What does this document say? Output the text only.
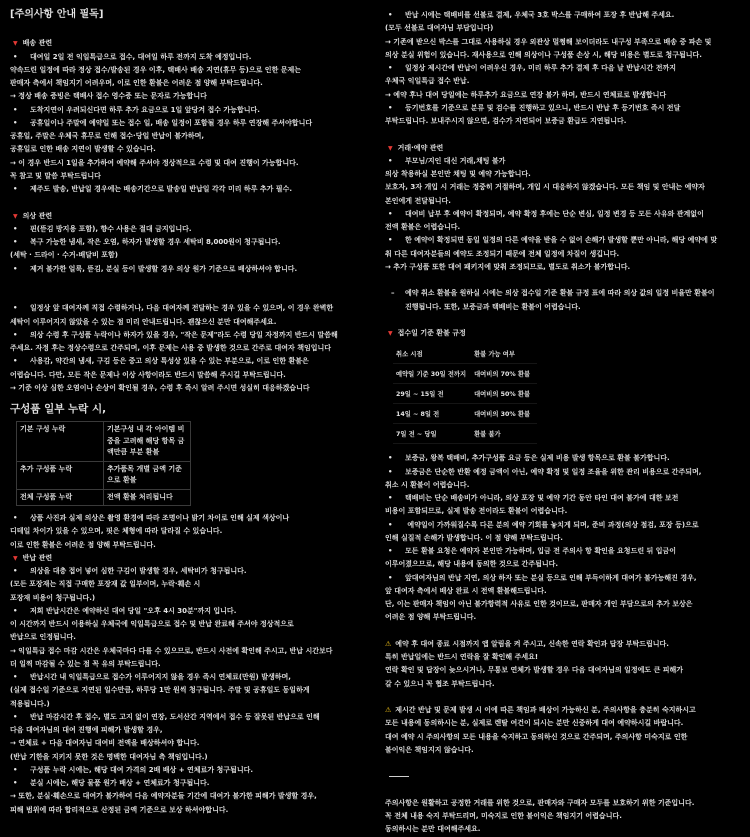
[주의사항 안내 필독]
▼ 배송 관련
• 대여일 2일 전 익일특급으로 접수, 대여일 하루 전까지 도착 예정입니다.
약속드린 일정에 따라 정상 접수/발송된 경우 이후, 택배사 배송 지연(휴무 등)으로 인한 문제는
판매자 측에서 책임지기 어려우며, 이로 인한 환불은 어려운 점 양해 부탁드립니다.
→ 정상 배송 증빙은 택배사 접수 영수증 또는 문자로 가능합니다
• 도착지연이 우려되신다면 하루 추가 요금으로 1일 앞당겨 접수 가능합니다.
• 공휴일이나 주말에 예약일 또는 접수 일, 배송 일정이 포함될 경우 하루 연장해 주셔야합니다
공휴일, 주말은 우체국 휴무로 인해 접수·당일 반납이 불가하며,
공휴일로 인한 배송 지연이 발생할 수 있습니다.
→ 이 경우 반드시 1일을 추가하여 예약해 주셔야 정상적으로 수령 및 대여 진행이 가능합니다.
꼭 참고 및 말씀 부탁드립니다
• 제주도 발송, 반납일 경우에는 배송기간으로 발송일 반납일 각각 미리 하루 추가 필수.
▼ 의상 관련
• 핀(뜯김 방지용 포함), 향수 사용은 절대 금지입니다.
• 복구 가능한 냄새, 작은 오염, 하자가 발생할 경우 세탁비 8,000원이 청구됩니다.
(세탁 · 드라이 · 수거-배달비 포함)
• 제거 불가한 얼룩, 뜯김, 분실 등이 발생할 경우 의상 원가 기준으로 배상하셔야 합니다.
• 일정상 앞 대여자께 직접 수령하거나, 다음 대여자께 전달하는 경우 있을 수 있으며, 이 경우 완벽한
세탁이 이루어지지 않았을 수 있는 점 미리 안내드립니다. 괜찮으신 분만 대여해주세요.
• 의상 수령 후 구성품 누락이나 하자가 있을 경우, "작은 문제"라도 수령 당일 자정까지 반드시 말씀해
주세요. 자정 후는 정상수령으로 간주되며, 이후 문제는 사용 중 발생한 것으로 간주로 대여자 책임입니다
• 사용감, 약간의 냄새, 구김 등은 중고 의상 특성상 있을 수 있는 부분으로, 이로 인한 환불은
어렵습니다. 다만, 모든 작은 문제나 이상 사항이라도 반드시 말씀해 주시길 부탁드립니다.
→ 기준 이상 심한 오염이나 손상이 확인될 경우, 수령 후 즉시 알려 주시면 성실히 대응하겠습니다
구성품 일부 누락 시,
기본 구성 누락	기본구성 내 각 아이템 비중을 고려해 해당 항목 금액만큼 부분 환불
추가 구성품 누락	추가품목 개별 금액 기준으로 환불
전체 구성품 누락	전액 환불 처리됩니다
• 상품 사진과 실제 의상은 촬영 환경에 따라 조명이나 밝기 차이로 인해 실제 색상이나
디테일 차이가 있을 수 있으며, 핏은 체형에 따라 달라질 수 있습니다.
이로 인한 환불은 어려운 점 양해 부탁드립니다.
▼ 반납 관련
• 의상을 대충 접어 넣어 심한 구김이 발생할 경우, 세탁비가 청구됩니다.
(모든 포장재는 직접 구매한 포장재 값 일부이며, 누락·훼손 시
포장재 비용이 청구됩니다.)
• 저희 반납시간은 예약하신 대여 당일 "오후 4시 30분"까지 입니다.
이 시간까지 반드시 이용하실 우체국에 익일특급으로 접수 및 반납 완료해 주셔야 정상적으로
반납으로 인정됩니다.
→ 익일특급 접수 마감 시간은 우체국마다 다를 수 있으므로, 반드시 사전에 확인해 주시고, 반납 시간보다
더 일찍 마감될 수 있는 점 꼭 유의 부탁드립니다.
• 반납시간 내 익일특급으로 접수가 이루어지지 않을 경우 즉시 연체료(만원) 발생하며,
(실제 접수일 기준으로 지연된 일수만큼, 하루당 1만 원씩 청구됩니다. 주말 및 공휴일도 동일하게
적용됩니다.)
• 반납 마감시간 후 접수, 별도 고지 없이 연장, 도서산간 지역에서 접수 등 잘못된 반납으로 인해
다음 대여자님의 대여 진행에 피해가 발생할 경우,
→ 연체료 + 다음 대여자님 대여비 전액을 배상하셔야 합니다.
(반납 기한을 지키지 못한 것은 명백한 대여자님 측 책임입니다.)
• 구성품 누락 시에는, 해당 대여 가격의 2배 배상 + 연체료가 청구됩니다.
• 분실 시에는, 해당 물품 원가 배상 + 연체료가 청구됩니다.
→ 또한, 분실·훼손으로 대여가 불가하여 다음 예약자분들 기간에 대여가 불가한 피해가 발생할 경우,
피해 범위에 따라 합리적으로 산정된 금액 기준으로 보상 하셔야합니다.
• 반납 시에는 택배비를 선불로 결제, 우체국 3호 박스를 구매하여 포장 후 반납해 주세요.
(모두 선불로 대여자님 부담입니다)
→ 기존에 받으신 박스를 그대로 사용하실 경우 외관상 멀쩡해 보이더라도 내구성 부족으로 배송 중 파손 및
의상 분실 위험이 있습니다. 재사용으로 인해 의상이나 구성품 손상 시, 해당 비용은 별도로 청구됩니다.
• 일정상 제시간에 반납이 어려우신 경우, 미리 하루 추가 결제 후 다음 날 반납시간 전까지
우체국 익일특급 접수 반납.
→ 예약 후나 대여 당일에는 하루추가 요금으로 연장 불가 하며, 반드시 연체료로 발생합니다
• 등기번호를 기준으로 분류 및 검수를 진행하고 있으니, 반드시 반납 후 등기번호 즉시 전달
부탁드립니다. 보내주시지 않으면, 검수가 지연되어 보증금 환급도 지연됩니다.
▼ 거래·예약 관련
• 부모님/지인 대신 거래,채팅 불가
의상 착용하실 본인만 채팅 및 예약 가능합니다.
보호자, 3자 개입 시 거래는 정중히 거절하며, 개입 시 대응하지 않겠습니다. 모든 책임 및 안내는 예약자
본인에게 전달됩니다.
• 대여비 납부 후 예약이 확정되며, 예약 확정 후에는 단순 변심, 일정 변경 등 모든 사유와 관계없이
전액 환불은 어렵습니다.
• 한 예약이 확정되면 동일 일정의 다른 예약을 받을 수 없어 손해가 발생할 뿐만 아니라, 해당 예약에 맞
춰 다른 대여자분들의 예약도 조정되기 때문에 전체 일정에 차질이 생깁니다.
→ 추가 구성품 또한 대여 패키지에 맞춰 조정되므로, 별도로 취소가 불가합니다.
– 예약 취소 환불을 원하실 시에는 의상 접수일 기준 환불 규정 표에 따라 의상 값의 일정 비율만 환불이
진행됩니다. 또한, 보증금과 택배비는 환불이 어렵습니다.
▼ 접수일 기준 환불 규정
취소 시점	환불 가능 여부
예약일 기준 30일 전까지	대여비의 70% 환불
29일 ~ 15일 전	대여비의 50% 환불
14일 ~ 8일 전	대여비의 30% 환불
7일 전 ~ 당일	환불 불가
• 보증금, 왕복 택배비, 추가구성품 요금 등은 실제 비용 발생 항목으로 환불 불가합니다.
• 보증금은 단순한 반환 예정 금액이 아닌, 예약 확정 및 일정 조율을 위한 관리 비용으로 간주되며,
취소 시 환불이 어렵습니다.
• 택배비는 단순 배송비가 아니라, 의상 포장 및 예약 기간 동안 타인 대여 불가에 대한 보전
비용이 포함되므로, 실제 발송 전이라도 환불이 어렵습니다.
• 예약일이 가까워질수록 다른 분의 예약 기회를 놓치게 되며, 준비 과정(의상 점검, 포장 등)으로
인해 실질적 손해가 발생합니다. 이 점 양해 부탁드립니다.
• 모든 환불 요청은 예약자 본인만 가능하며, 입금 전 주의사 항 확인을 요청드린 뒤 입금이
이루어졌으므로, 해당 내용에 동의한 것으로 간주됩니다.
• 앞대여자님의 반납 지연, 의상 하자 또는 분실 등으로 인해 부득이하게 대여가 불가능해진 경우,
앞 대여자 측에서 배상 완료 시 전액 환불해드립니다.
단, 이는 판매자 책임이 아닌 불가항력적 사유로 인한 것이므로, 판매자 개인 부담으로의 추가 보상은
어려운 점 양해 부탁드립니다.
⚠ 예약 후 대여 종료 시점까지 앱 알림을 켜 주시고, 신속한 연락 확인과 답장 부탁드립니다.
특히 반납일에는 반드시 연락을 잘 확인해 주세요!
연락 확인 및 답장이 늦으시거나, 무통보 연체가 발생할 경우 다음 대여자님의 일정에도 큰 피해가
갈 수 있으니 꼭 협조 부탁드립니다.
⚠ 제시간 반납 및 문제 발생 시 이에 따른 책임과 배상이 가능하신 분, 주의사항을 충분히 숙지하시고
모든 내용에 동의하시는 분, 실제로 렌탈 여건이 되시는 분만 신중하게 대여 예약하시길 바랍니다.
대여 예약 시 주의사항의 모든 내용을 숙지하고 동의하신 것으로 간주되며, 주의사항 미숙지로 인한
불이익은 책임지지 않습니다.
주의사항은 원활하고 공정한 거래를 위한 것으로, 판매자와 구매자 모두를 보호하기 위한 기준입니다.
꼭 전체 내용 숙지 부탁드리며, 미숙지로 인한 불이익은 책임지기 어렵습니다.
동의하시는 분만 대여해주세요.
